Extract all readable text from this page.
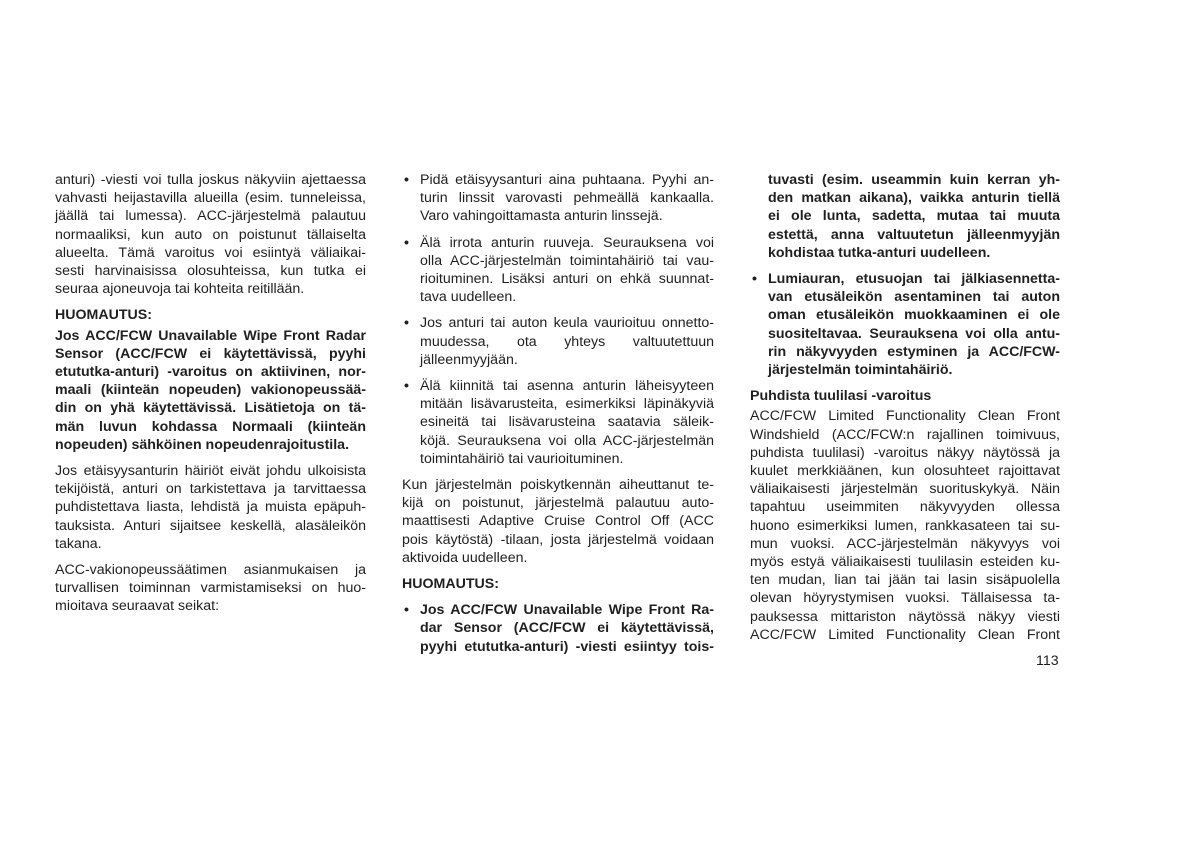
anturi) -viesti voi tulla joskus näkyviin ajettaessa
vahvasti heijastavilla alueilla (esim. tunneleissa,
jäällä tai lumessa). ACC-järjestelmä palautuu
normaaliksi, kun auto on poistunut tällaiselta
alueelta. Tämä varoitus voi esiintyä väliaikai-
sesti harvinaisissa olosuhteissa, kun tutka ei
seuraa ajoneuvoja tai kohteita reitillään.
HUOMAUTUS:
Jos ACC/FCW Unavailable Wipe Front Radar
Sensor (ACC/FCW ei käytettävissä, pyyhi
etututka-anturi) -varoitus on aktiivinen, nor-
maali (kiinteän nopeuden) vakionopeussää-
din on yhä käytettävissä. Lisätietoja on tä-
män luvun kohdassa Normaali (kiinteän
nopeuden) sähköinen nopeudenrajoitustila.
Jos etäisyysanturin häiriöt eivät johdu ulkoisista
tekijöistä, anturi on tarkistettava ja tarvittaessa
puhdistettava liasta, lehdistä ja muista epäpuh-
tauksista. Anturi sijaitsee keskellä, alasäleikön
takana.
ACC-vakionopeussäätimen asianmukaisen ja
turvallisen toiminnan varmistamiseksi on huo-
mioitava seuraavat seikat:
• Pidä etäisyysanturi aina puhtaana. Pyyhi an-
turin linssit varovasti pehmeällä kankaalla.
Varo vahingoittamasta anturin linssejä.
• Älä irrota anturin ruuveja. Seurauksena voi
olla ACC-järjestelmän toimintahäiriö tai vau-
rioituminen. Lisäksi anturi on ehkä suunnat-
tava uudelleen.
• Jos anturi tai auton keula vaurioituu onnetto-
muudessa, ota yhteys valtuutettuun
jälleenmyyjään.
• Älä kiinnitä tai asenna anturin läheisyyteen
mitään lisävarusteita, esimerkiksi läpinäkyviä
esineitä tai lisävarusteina saatavia säleik-
köjä. Seurauksena voi olla ACC-järjestelmän
toimintahäiriö tai vaurioituminen.
Kun järjestelmän poiskytkennän aiheuttanut te-
kijä on poistunut, järjestelmä palautuu auto-
maattisesti Adaptive Cruise Control Off (ACC
pois käytöstä) -tilaan, josta järjestelmä voidaan
aktivoida uudelleen.
HUOMAUTUS:
• Jos ACC/FCW Unavailable Wipe Front Ra-
dar Sensor (ACC/FCW ei käytettävissä,
pyyhi etututka-anturi) -viesti esiintyy tois-
tuvasti (esim. useammin kuin kerran yh-
den matkan aikana), vaikka anturin tiellä
ei ole lunta, sadetta, mutaa tai muuta
estettä, anna valtuutetun jälleenmyyjän
kohdistaa tutka-anturi uudelleen.
• Lumiauran, etusuojan tai jälkiasennetta-
van etusäleikön asentaminen tai auton
oman etusäleikön muokkaaminen ei ole
suositeltavaa. Seurauksena voi olla antu-
rin näkyvyyden estyminen ja ACC/FCW-
järjestelmän toimintahäiriö.
Puhdista tuulilasi -varoitus
ACC/FCW Limited Functionality Clean Front
Windshield (ACC/FCW:n rajallinen toimivuus,
puhdista tuulilasi) -varoitus näkyy näytössä ja
kuulet merkkiäänen, kun olosuhteet rajoittavat
väliaikaisesti järjestelmän suorituskykyä. Näin
tapahtuu useimmiten näkyvyyden ollessa
huono esimerkiksi lumen, rankkasateen tai su-
mun vuoksi. ACC-järjestelmän näkyvyys voi
myös estyä väliaikaisesti tuulilasin esteiden ku-
ten mudan, lian tai jään tai lasin sisäpuolella
olevan höyrystymisen vuoksi. Tällaisessa ta-
pauksessa mittariston näytössä näkyy viesti
ACC/FCW Limited Functionality Clean Front
113
